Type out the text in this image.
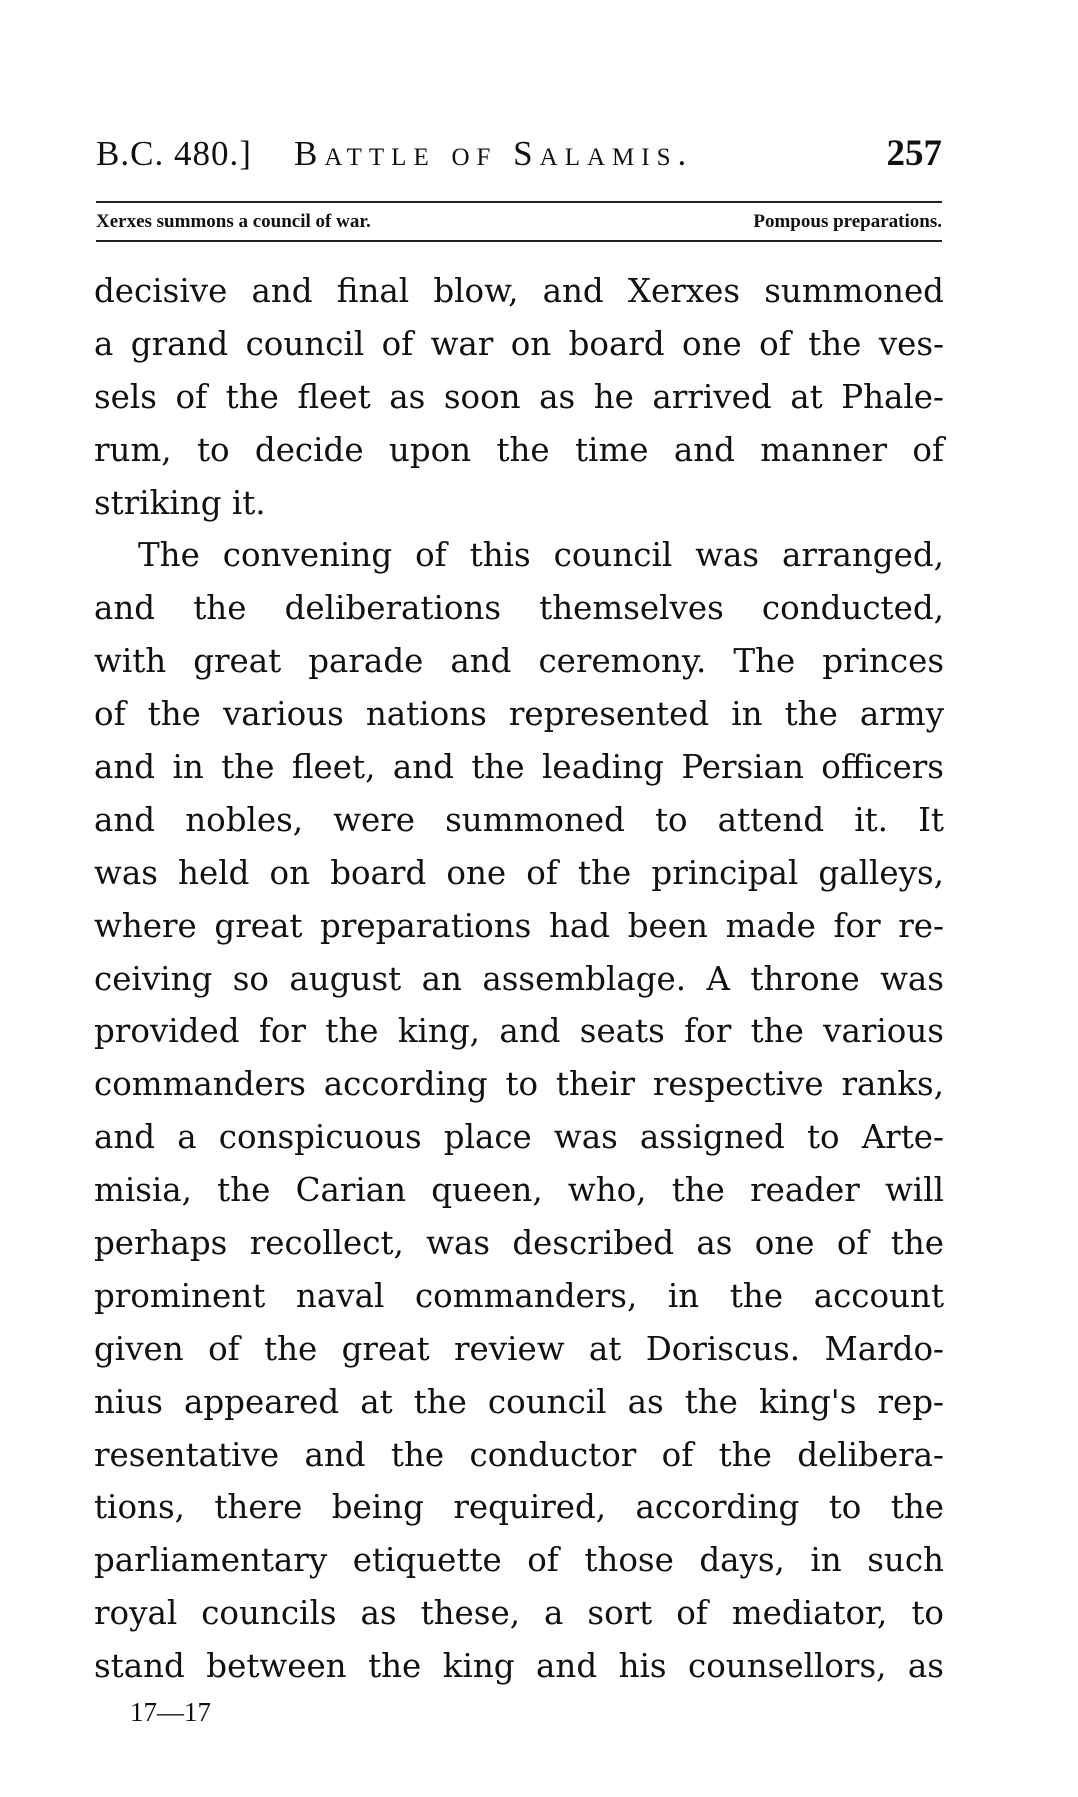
B.C. 480.] Battle of Salamis.	257
Xerxes summons a council of war.	Pompous preparations.
decisive and final blow, and Xerxes summoned
a grand council of war on board one of the ves-
sels of the fleet as soon as he arrived at Phale-
rum, to decide upon the time and manner of
striking it.
The convening of this council was arranged,
and the deliberations themselves conducted,
with great parade and ceremony. The princes
of the various nations represented in the army
and in the fleet, and the leading Persian officers
and nobles, were summoned to attend it. It
was held on board one of the principal galleys,
where great preparations had been made for re-
ceiving so august an assemblage. A throne was
provided for the king, and seats for the various
commanders according to their respective ranks,
and a conspicuous place was assigned to Arte-
misia, the Carian queen, who, the reader will
perhaps recollect, was described as one of the
prominent naval commanders, in the account
given of the great review at Doriscus. Mardo-
nius appeared at the council as the king's rep-
resentative and the conductor of the delibera-
tions, there being required, according to the
parliamentary etiquette of those days, in such
royal councils as these, a sort of mediator, to
stand between the king and his counsellors, as
17—17
